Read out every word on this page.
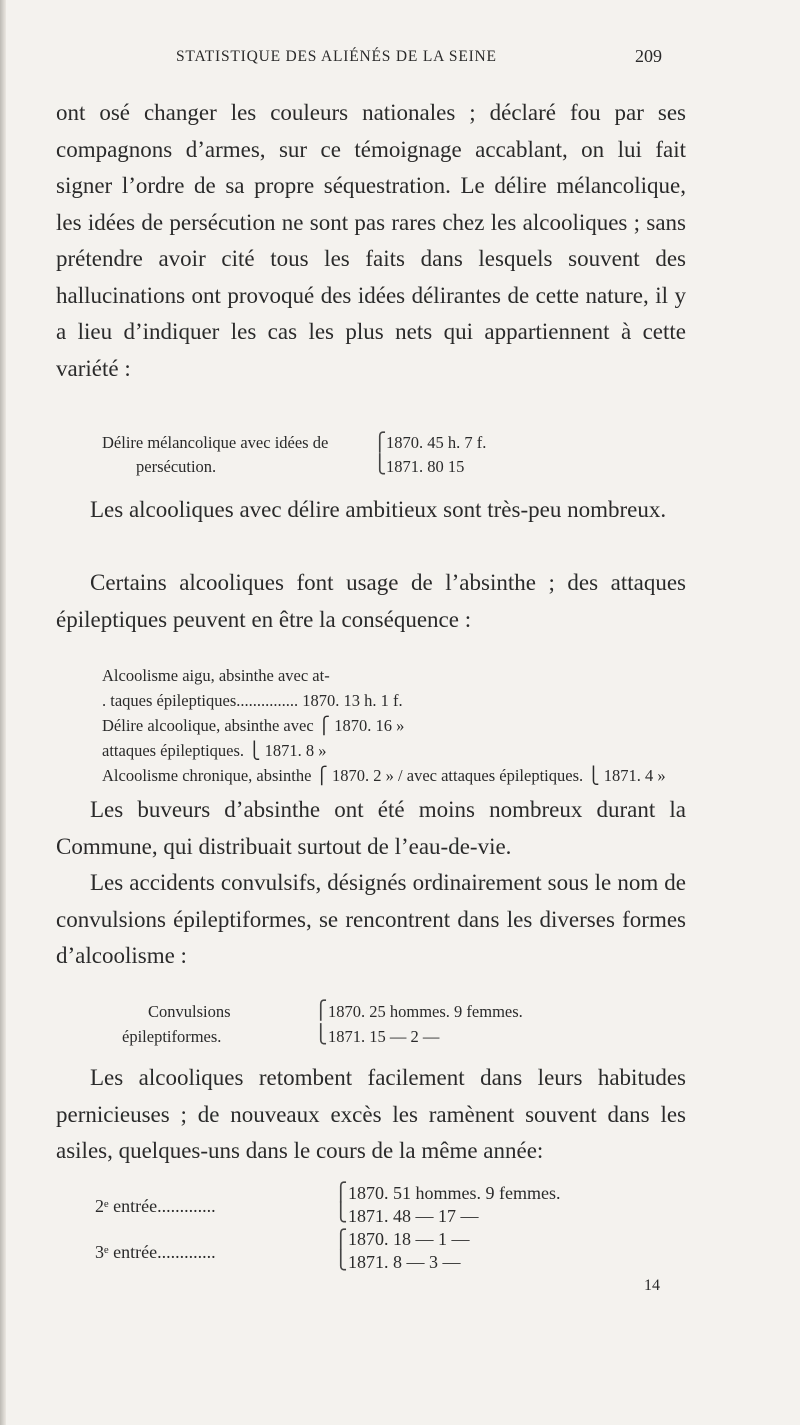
STATISTIQUE DES ALIÉNÉS DE LA SEINE	209

ont osé changer les couleurs nationales ; déclaré fou par ses compagnons d’armes, sur ce témoignage accablant, on lui fait signer l’ordre de sa propre séquestration. Le délire mélancolique, les idées de persécution ne sont pas rares chez les alcooliques ; sans prétendre avoir cité tous les faits dans lesquels souvent des hallucinations ont provoqué des idées délirantes de cette nature, il y a lieu d’indiquer les cas les plus nets qui appartiennent à cette variété :

Délire mélancolique avec idées de
persécution.
⎧
⎩
1870. 45 h. 7 f.
1871. 80 15

Les alcooliques avec délire ambitieux sont très-peu nombreux.

Certains alcooliques font usage de l’absinthe ; des attaques épileptiques peuvent en être la conséquence :

Alcoolisme aigu, absinthe avec at-
. taques épileptiques............... 1870. 13 h. 1 f.
Délire alcoolique, absinthe avec ⎧ 1870. 16 »
attaques épileptiques. ⎩ 1871. 8 »
Alcoolisme chronique, absinthe ⎧ 1870. 2 » / avec attaques épileptiques. ⎩ 1871. 4 »

Les buveurs d’absinthe ont été moins nombreux durant la Commune, qui distribuait surtout de l’eau-de-vie.

Les accidents convulsifs, désignés ordinairement sous le nom de convulsions épileptiformes, se rencontrent dans les diverses formes d’alcoolisme :

Convulsions
épileptiformes.
⎧
⎩
1870. 25 hommes. 9 femmes.
1871. 15 — 2 —

Les alcooliques retombent facilement dans leurs habitudes pernicieuses ; de nouveaux excès les ramènent souvent dans les asiles, quelques-uns dans le cours de la même année:

2ᵉ entrée.............
⎧
⎩
1870. 51 hommes. 9 femmes.
1871. 48 — 17 —
3ᵉ entrée.............
⎧
⎩
1870. 18 — 1 —
1871. 8 — 3 —
14
